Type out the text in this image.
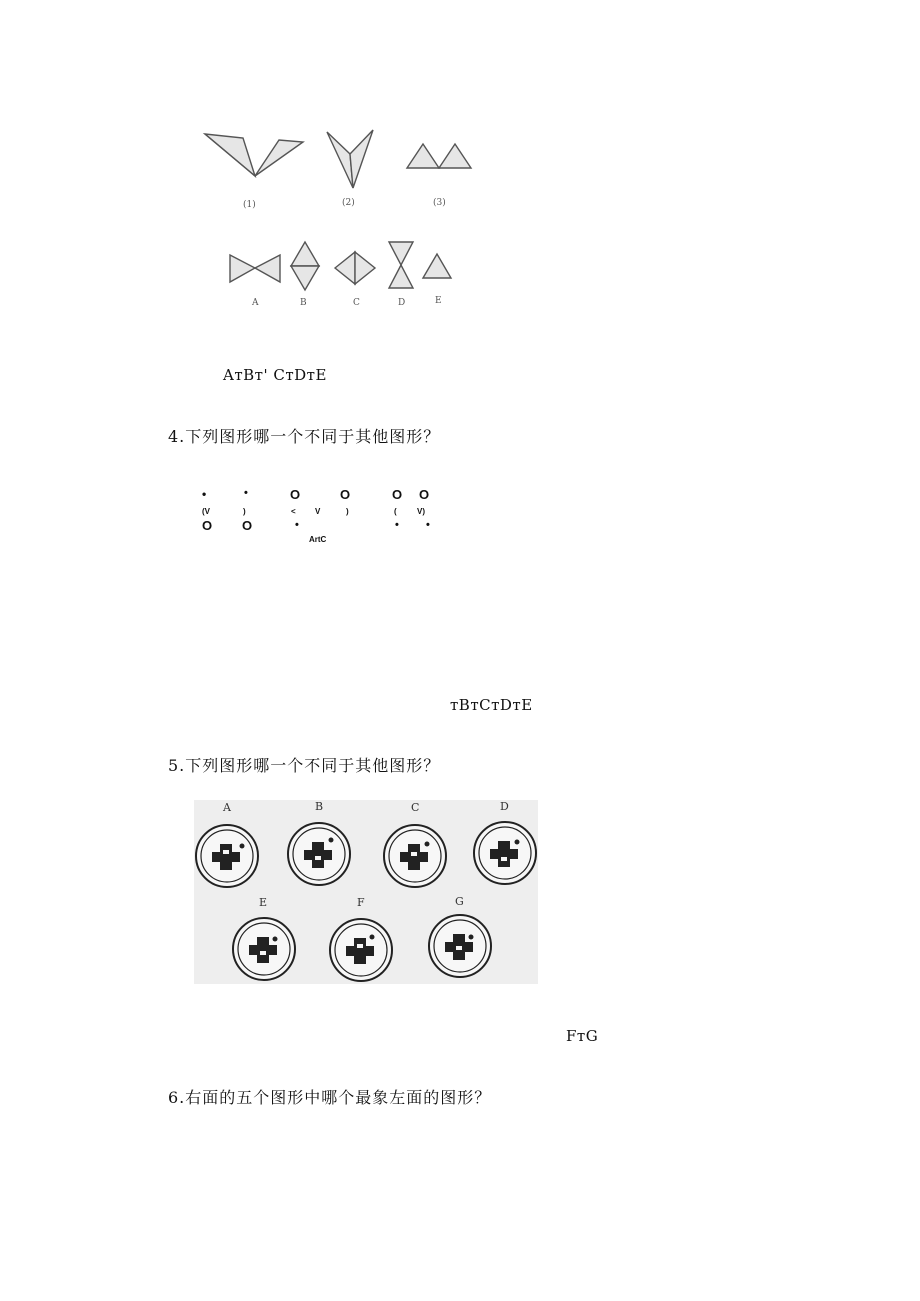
(1)	(2)	(3)
A	B	C	D	E
AᴛBᴛ' CᴛDᴛE
4.下列图形哪一个不同于其他图形？
•	•	O	O	O O
(V	)	< V	)	(	V)
O O	•	• •
ArtC
ᴛBᴛCᴛDᴛE
5.下列图形哪一个不同于其他图形？
A	B	C	D
E	F	G
FᴛG
6.右面的五个图形中哪个最象左面的图形？
